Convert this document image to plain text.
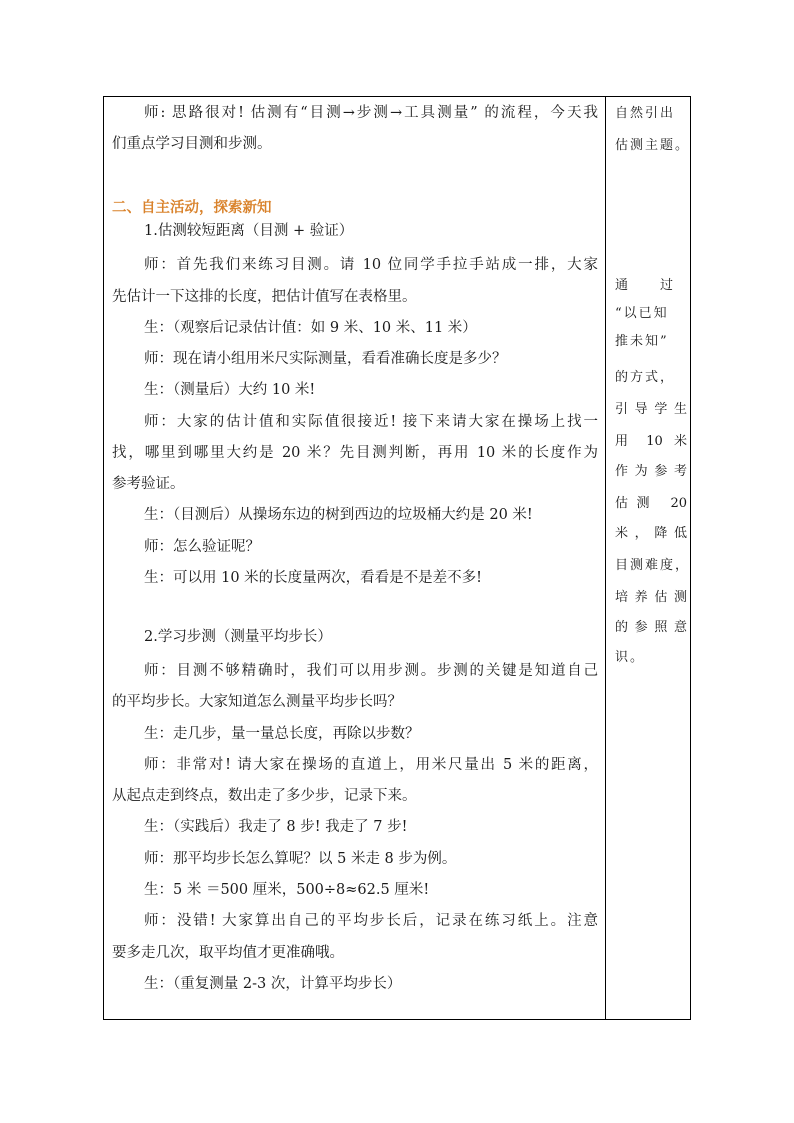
师: 思路很对! 估测有“目测→步测→工具测量” 的流程，今天我
们重点学习目测和步测。
二、自主活动，探索新知
1.估测较短距离（目测 + 验证）
师：首先我们来练习目测。请 10 位同学手拉手站成一排，大家
先估计一下这排的长度，把估计值写在表格里。
生：（观察后记录估计值：如 9 米、10 米、11 米）
师：现在请小组用米尺实际测量，看看准确长度是多少？
生：（测量后）大约 10 米!
师：大家的估计值和实际值很接近! 接下来请大家在操场上找一
找，哪里到哪里大约是 20 米？先目测判断，再用 10 米的长度作为
参考验证。
生：（目测后）从操场东边的树到西边的垃圾桶大约是 20 米!
师：怎么验证呢？
生：可以用 10 米的长度量两次，看看是不是差不多!
2.学习步测（测量平均步长）
师：目测不够精确时，我们可以用步测。步测的关键是知道自己
的平均步长。大家知道怎么测量平均步长吗？
生：走几步，量一量总长度，再除以步数？
师：非常对! 请大家在操场的直道上，用米尺量出 5 米的距离，
从起点走到终点，数出走了多少步，记录下来。
生：（实践后）我走了 8 步! 我走了 7 步!
师：那平均步长怎么算呢？以 5 米走 8 步为例。
生：5 米 ＝500 厘米，500÷8≈62.5 厘米!
师：没错! 大家算出自己的平均步长后，记录在练习纸上。注意
要多走几次，取平均值才更准确哦。
生：（重复测量 2-3 次，计算平均步长）
自然引出
估测主题。
通　　过
“以已知
推未知”
的方式，
引导学生
用 10 米
作为参考
估测 20
米，降低
目测难度，
培养估测
的参照意
识。
